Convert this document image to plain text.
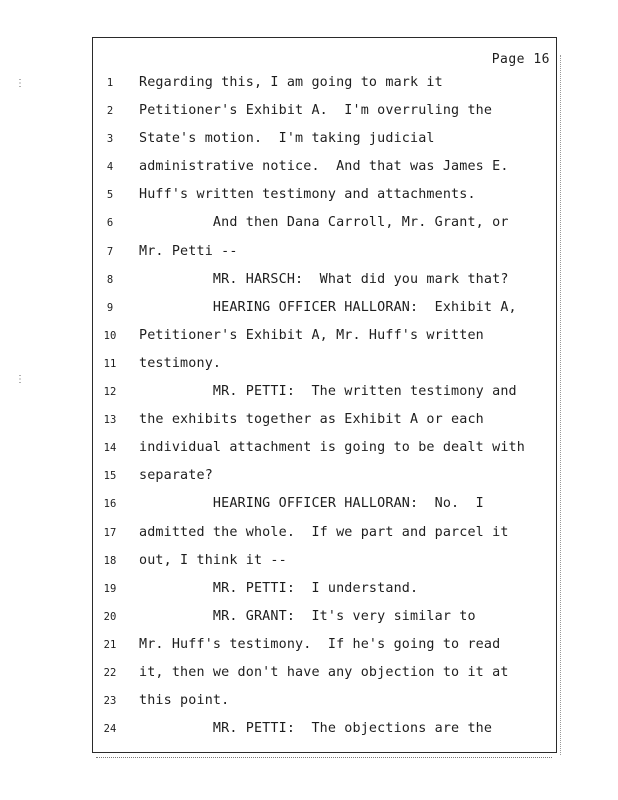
Page 16
1
2
3
4
5
6
7
8
9
10
11
12
13
14
15
16
17
18
19
20
21
22
23
24
Regarding this, I am going to mark it
Petitioner's Exhibit A.  I'm overruling the
State's motion.  I'm taking judicial
administrative notice.  And that was James E.
Huff's written testimony and attachments.
And then Dana Carroll, Mr. Grant, or
Mr. Petti --
MR. HARSCH:  What did you mark that?
HEARING OFFICER HALLORAN:  Exhibit A,
Petitioner's Exhibit A, Mr. Huff's written
testimony.
MR. PETTI:  The written testimony and
the exhibits together as Exhibit A or each
individual attachment is going to be dealt with
separate?
HEARING OFFICER HALLORAN:  No.  I
admitted the whole.  If we part and parcel it
out, I think it --
MR. PETTI:  I understand.
MR. GRANT:  It's very similar to
Mr. Huff's testimony.  If he's going to read
it, then we don't have any objection to it at
this point.
MR. PETTI:  The objections are the
⋮
⋮
